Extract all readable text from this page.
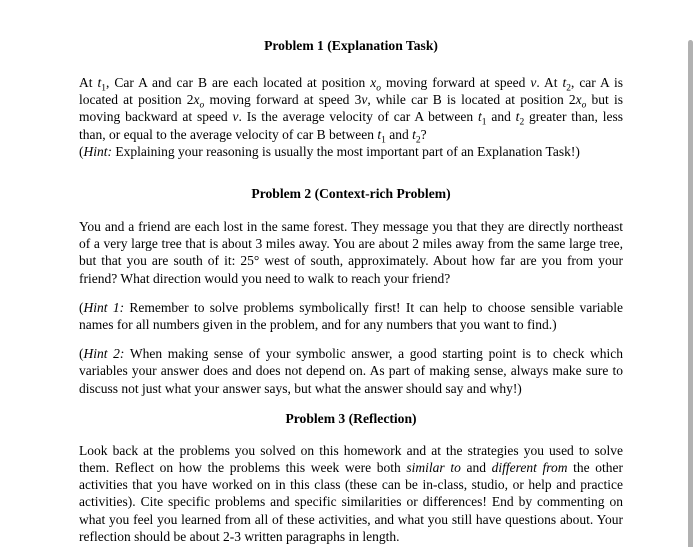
Problem 1 (Explanation Task)

At $t_1$, Car A and car B are each located at position $x_o$ moving forward at speed v. At $t_2$, car A is located at position $2x_o$ moving forward at speed 3v, while car B is located at position $2x_o$ but is moving backward at speed v. Is the average velocity of car A between $t_1$ and $t_2$ greater than, less than, or equal to the average velocity of car B between $t_1$ and $t_2$?

(Hint: Explaining your reasoning is usually the most important part of an Explanation Task!)

Problem 2 (Context-rich Problem)

You and a friend are each lost in the same forest. They message you that they are directly northeast of a very large tree that is about 3 miles away. You are about 2 miles away from the same large tree, but that you are south of it: 25° west of south, approximately. About how far are you from your friend? What direction would you need to walk to reach your friend?

(Hint 1: Remember to solve problems symbolically first! It can help to choose sensible variable names for all numbers given in the problem, and for any numbers that you want to find.)

(Hint 2: When making sense of your symbolic answer, a good starting point is to check which variables your answer does and does not depend on. As part of making sense, always make sure to discuss not just what your answer says, but what the answer should say and why!)

Problem 3 (Reflection)

Look back at the problems you solved on this homework and at the strategies you used to solve them. Reflect on how the problems this week were both similar to and different from the other activities that you have worked on in this class (these can be in-class, studio, or help and practice activities). Cite specific problems and specific similarities or differences! End by commenting on what you feel you learned from all of these activities, and what you still have questions about. Your reflection should be about 2-3 written paragraphs in length.
